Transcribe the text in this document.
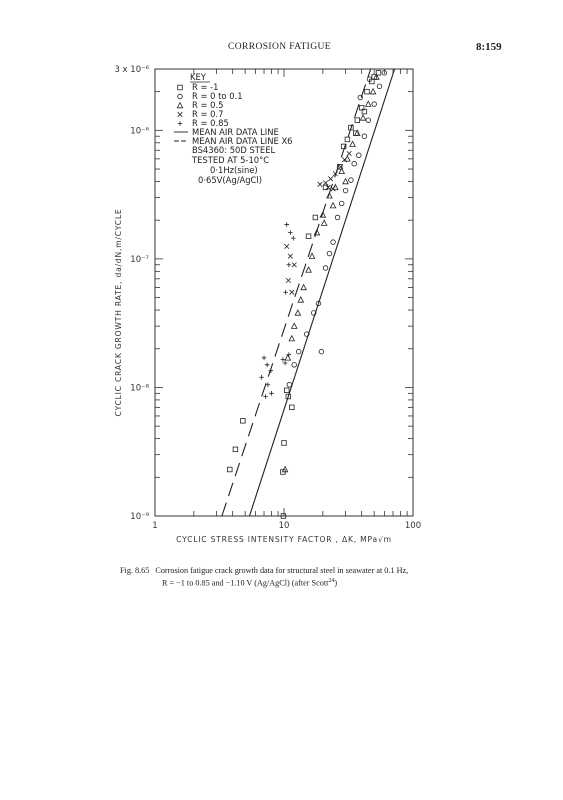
CORROSION FATIGUE	8:159
1	10	100
10⁻⁹
10⁻⁸
10⁻⁷
10⁻⁶
3 x 10⁻⁶
CYCLIC STRESS INTENSITY FACTOR , ΔK, MPa√m
CYCLIC CRACK GROWTH RATE, da/dN,m/CYCLE
KEY
R = -1
R = 0 to 0.1
R = 0.5
R = 0.7
R = 0.85
MEAN AIR DATA LINE
MEAN AIR DATA LINE X6
BS4360: 50D STEEL
TESTED AT 5-10°C
0·1Hz(sine)
0·65V(Ag/AgCl)
Fig. 8.65 Corrosion fatigue crack growth data for structural steel in seawater at 0.1 Hz,
R = −1 to 0.85 and −1.10 V (Ag/AgCl) (after Scott$^{24}$)
